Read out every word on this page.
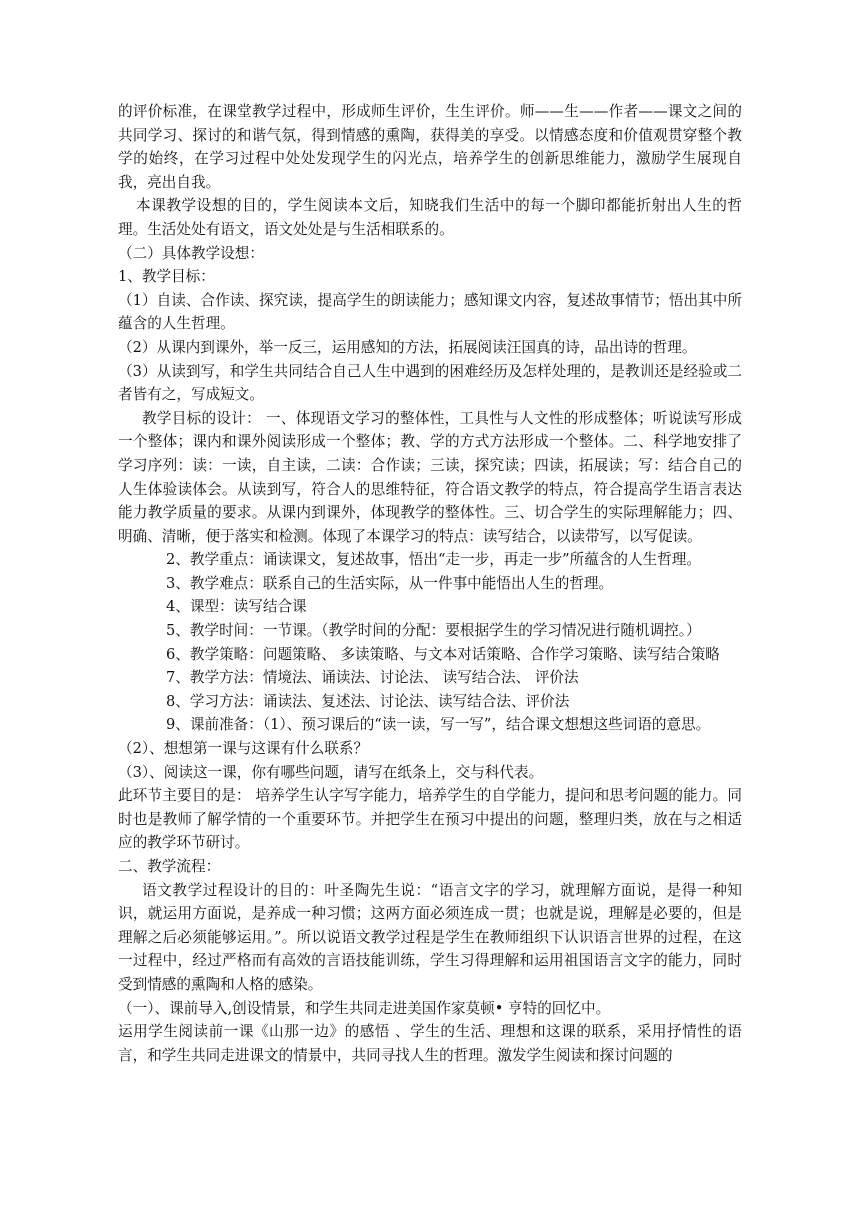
的评价标准，在课堂教学过程中，形成师生评价，生生评价。师——生——作者——课文之间的共同学习、探讨的和谐气氛，得到情感的熏陶，获得美的享受。以情感态度和价值观贯穿整个教学的始终，在学习过程中处处发现学生的闪光点，培养学生的创新思维能力，激励学生展现自我，亮出自我。

本课教学设想的目的，学生阅读本文后，知晓我们生活中的每一个脚印都能折射出人生的哲理。生活处处有语文，语文处处是与生活相联系的。

（二）具体教学设想：

1、教学目标：

（1）自读、合作读、探究读，提高学生的朗读能力；感知课文内容，复述故事情节；悟出其中所蕴含的人生哲理。

（2）从课内到课外，举一反三，运用感知的方法，拓展阅读汪国真的诗，品出诗的哲理。

（3）从读到写，和学生共同结合自己人生中遇到的困难经历及怎样处理的，是教训还是经验或二者皆有之，写成短文。

教学目标的设计： 一、体现语文学习的整体性，工具性与人文性的形成整体；听说读写形成一个整体；课内和课外阅读形成一个整体；教、学的方式方法形成一个整体。二、科学地安排了学习序列：读：一读，自主读，二读：合作读；三读，探究读；四读，拓展读；写：结合自己的人生体验读体会。从读到写，符合人的思维特征，符合语文教学的特点，符合提高学生语言表达能力教学质量的要求。从课内到课外，体现教学的整体性。三、切合学生的实际理解能力；四、明确、清晰，便于落实和检测。体现了本课学习的特点：读写结合，以读带写，以写促读。

2、教学重点：诵读课文，复述故事，悟出“走一步，再走一步”所蕴含的人生哲理。

3、教学难点：联系自己的生活实际，从一件事中能悟出人生的哲理。

4、课型：读写结合课

5、教学时间：一节课。（教学时间的分配：要根据学生的学习情况进行随机调控。）

6、教学策略：问题策略、 多读策略、与文本对话策略、合作学习策略、读写结合策略

7、教学方法：情境法、诵读法、讨论法、 读写结合法、 评价法

8、学习方法：诵读法、复述法、讨论法、读写结合法、评价法

9、课前准备：（1）、预习课后的“读一读，写一写”，结合课文想想这些词语的意思。

（2）、想想第一课与这课有什么联系？

（3）、阅读这一课，你有哪些问题，请写在纸条上，交与科代表。

此环节主要目的是： 培养学生认字写字能力，培养学生的自学能力，提问和思考问题的能力。同时也是教师了解学情的一个重要环节。并把学生在预习中提出的问题，整理归类，放在与之相适应的教学环节研讨。

二、教学流程：

语文教学过程设计的目的：叶圣陶先生说：“语言文字的学习，就理解方面说，是得一种知识，就运用方面说，是养成一种习惯；这两方面必须连成一贯；也就是说，理解是必要的，但是理解之后必须能够运用。”。所以说语文教学过程是学生在教师组织下认识语言世界的过程，在这一过程中，经过严格而有高效的言语技能训练，学生习得理解和运用祖国语言文字的能力，同时受到情感的熏陶和人格的感染。

（一）、课前导入,创设情景，和学生共同走进美国作家莫顿• 亨特的回忆中。

运用学生阅读前一课《山那一边》的感悟 、学生的生活、理想和这课的联系，采用抒情性的语言，和学生共同走进课文的情景中，共同寻找人生的哲理。激发学生阅读和探讨问题的
